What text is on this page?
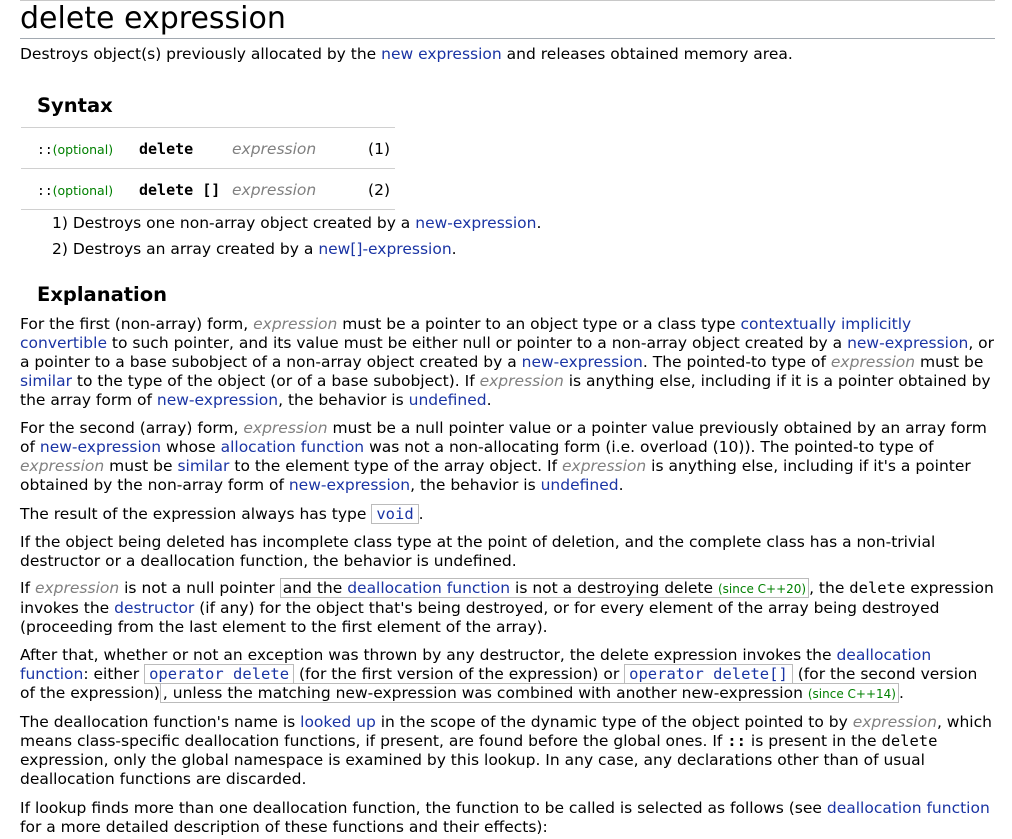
delete expression
Destroys object(s) previously allocated by the new expression and releases obtained memory area.
Syntax
::(optional) delete	expression	(1)
::(optional) delete [] expression	(2)
1) Destroys one non-array object created by a new-expression.
2) Destroys an array created by a new[]-expression.
Explanation

For the first (non-array) form, expression must be a pointer to an object type or a class type contextually implicitly convertible to such pointer, and its value must be either null or pointer to a non-array object created by a new-expression, or a pointer to a base subobject of a non-array object created by a new-expression. The pointed-to type of expression must be similar to the type of the object (or of a base subobject). If expression is anything else, including if it is a pointer obtained by the array form of new-expression, the behavior is undefined.

For the second (array) form, expression must be a null pointer value or a pointer value previously obtained by an array form of new-expression whose allocation function was not a non-allocating form (i.e. overload (10)). The pointed-to type of expression must be similar to the element type of the array object. If expression is anything else, including if it's a pointer obtained by the non-array form of new-expression, the behavior is undefined.

The result of the expression always has type void .

If the object being deleted has incomplete class type at the point of deletion, and the complete class has a non-trivial destructor or a deallocation function, the behavior is undefined.

If expression is not a null pointer and the deallocation function is not a destroying delete (since C++20) , the delete expression invokes the destructor (if any) for the object that's being destroyed, or for every element of the array being destroyed (proceeding from the last element to the first element of the array).

After that, whether or not an exception was thrown by any destructor, the delete expression invokes the deallocation function: either operator delete (for the first version of the expression) or operator delete[] (for the second version of the expression) , unless the matching new-expression was combined with another new-expression (since C++14) .

The deallocation function's name is looked up in the scope of the dynamic type of the object pointed to by expression, which means class-specific deallocation functions, if present, are found before the global ones. If :: is present in the delete expression, only the global namespace is examined by this lookup. In any case, any declarations other than of usual deallocation functions are discarded.

If lookup finds more than one deallocation function, the function to be called is selected as follows (see deallocation function for a more detailed description of these functions and their effects):
